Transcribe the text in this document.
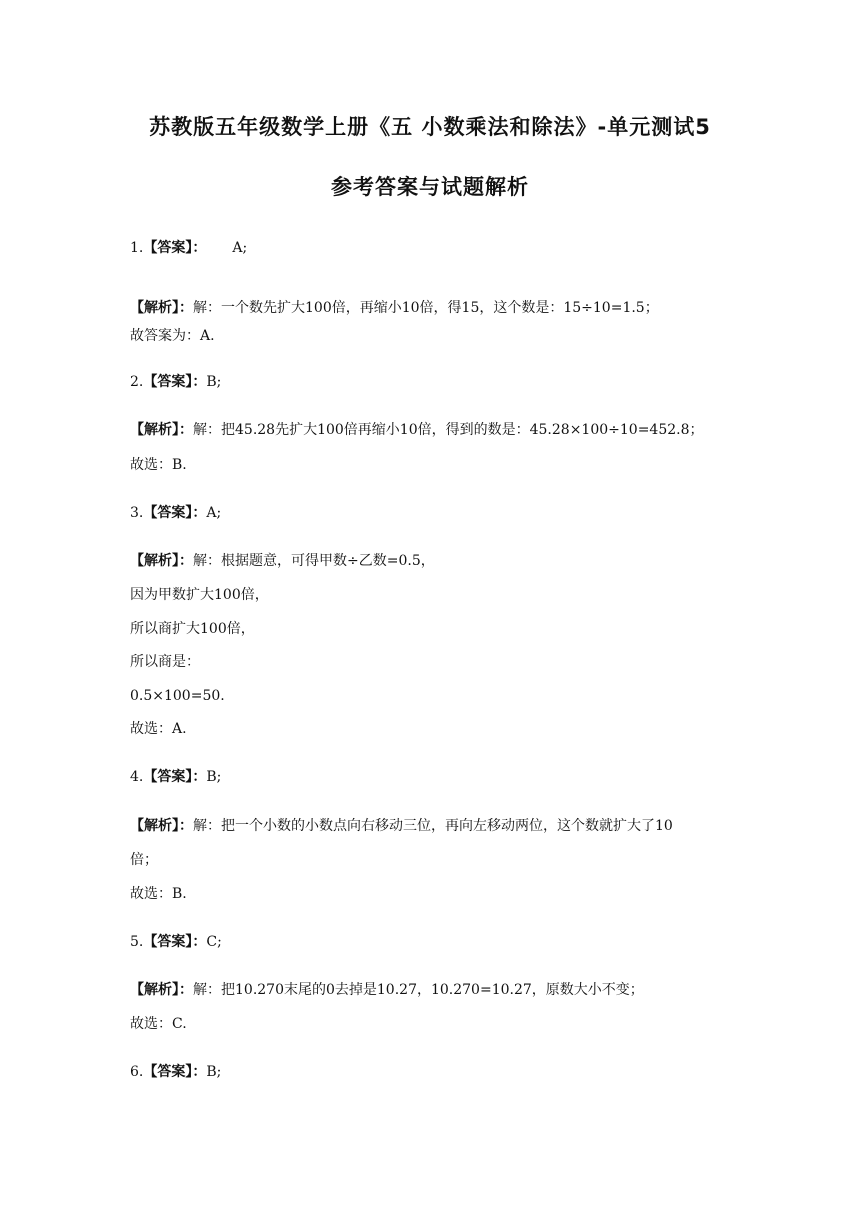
苏教版五年级数学上册《五 小数乘法和除法》-单元测试5
参考答案与试题解析
1.【答案】： A;
【解析】：解：一个数先扩大100倍，再缩小10倍，得15，这个数是：15÷10=1.5；
故答案为：A.
2.【答案】：B;
【解析】：解：把45.28先扩大100倍再缩小10倍，得到的数是：45.28×100÷10=452.8；
故选：B.
3.【答案】：A;
【解析】：解：根据题意，可得甲数÷乙数=0.5，
因为甲数扩大100倍，
所以商扩大100倍，
所以商是：
0.5×100=50.
故选：A.
4.【答案】：B;
【解析】：解：把一个小数的小数点向右移动三位，再向左移动两位，这个数就扩大了10
倍；
故选：B.
5.【答案】：C;
【解析】：解：把10.270末尾的0去掉是10.27，10.270=10.27，原数大小不变；
故选：C.
6.【答案】：B;
